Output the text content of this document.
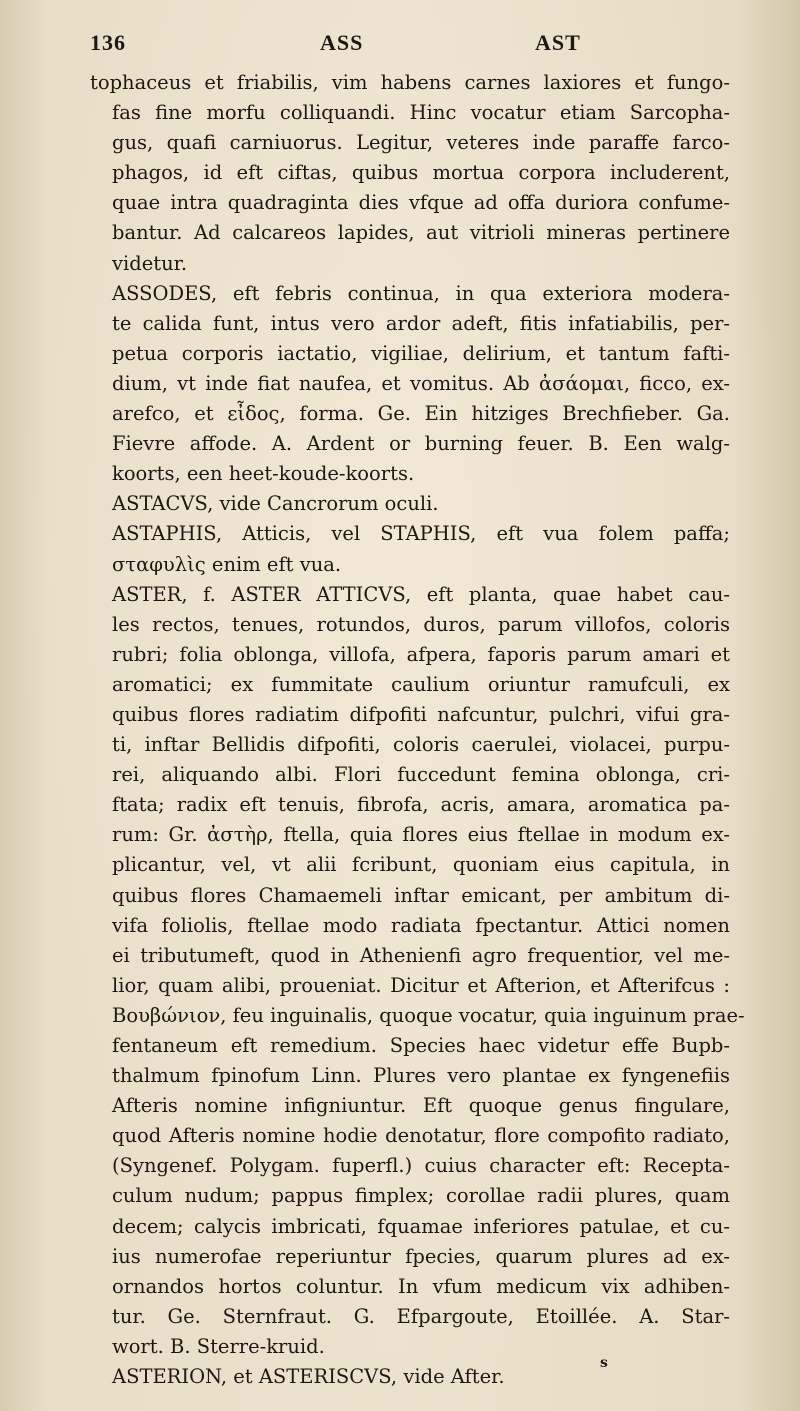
136	ASS	AST
tophaceus et friabilis, vim habens carnes laxiores et fungo-
fas fine morfu colliquandi. Hinc vocatur etiam Sarcopha-
gus, quafi carniuorus. Legitur, veteres inde paraffe farco-
phagos, id eft ciftas, quibus mortua corpora includerent,
quae intra quadraginta dies vfque ad offa duriora confume-
bantur. Ad calcareos lapides, aut vitrioli mineras pertinere
videtur.
ASSODES, eft febris continua, in qua exteriora modera-
te calida funt, intus vero ardor adeft, fitis infatiabilis, per-
petua corporis iactatio, vigiliae, delirium, et tantum fafti-
dium, vt inde fiat naufea, et vomitus. Ab ἀσάομαι, ficco, ex-
arefco, et εἶδος, forma. Ge. Ein hitziges Brechfieber. Ga.
Fievre affode. A. Ardent or burning feuer. B. Een walg-
koorts, een heet-koude-koorts.
ASTACVS, vide Cancrorum oculi.
ASTAPHIS, Atticis, vel STAPHIS, eft vua folem paffa;
σταφυλὶς enim eft vua.
ASTER, f. ASTER ATTICVS, eft planta, quae habet cau-
les rectos, tenues, rotundos, duros, parum villofos, coloris
rubri; folia oblonga, villofa, afpera, faporis parum amari et
aromatici; ex fummitate caulium oriuntur ramufculi, ex
quibus flores radiatim difpofiti nafcuntur, pulchri, vifui gra-
ti, inftar Bellidis difpofiti, coloris caerulei, violacei, purpu-
rei, aliquando albi. Flori fuccedunt femina oblonga, cri-
ftata; radix eft tenuis, fibrofa, acris, amara, aromatica pa-
rum: Gr. ἀστὴρ, ftella, quia flores eius ftellae in modum ex-
plicantur, vel, vt alii fcribunt, quoniam eius capitula, in
quibus flores Chamaemeli inftar emicant, per ambitum di-
vifa foliolis, ftellae modo radiata fpectantur. Attici nomen
ei tributumeft, quod in Athenienfi agro frequentior, vel me-
lior, quam alibi, proueniat. Dicitur et Afterion, et Afterifcus :
Βουβώνιον, feu inguinalis, quoque vocatur, quia inguinum prae-
fentaneum eft remedium. Species haec videtur effe Bupb-
thalmum fpinofum Linn. Plures vero plantae ex fyngenefiis
Afteris nomine infigniuntur. Eft quoque genus fingulare,
quod Afteris nomine hodie denotatur, flore compofito radiato,
(Syngenef. Polygam. fuperfl.) cuius character eft: Recepta-
culum nudum; pappus fimplex; corollae radii plures, quam
decem; calycis imbricati, fquamae inferiores patulae, et cu-
ius numerofae reperiuntur fpecies, quarum plures ad ex-
ornandos hortos coluntur. In vfum medicum vix adhiben-
tur. Ge. Sternfraut. G. Efpargoute, Etoillée. A. Star-
wort. B. Sterre-kruid.
ASTERION, et ASTERISCVS, vide After.
s
